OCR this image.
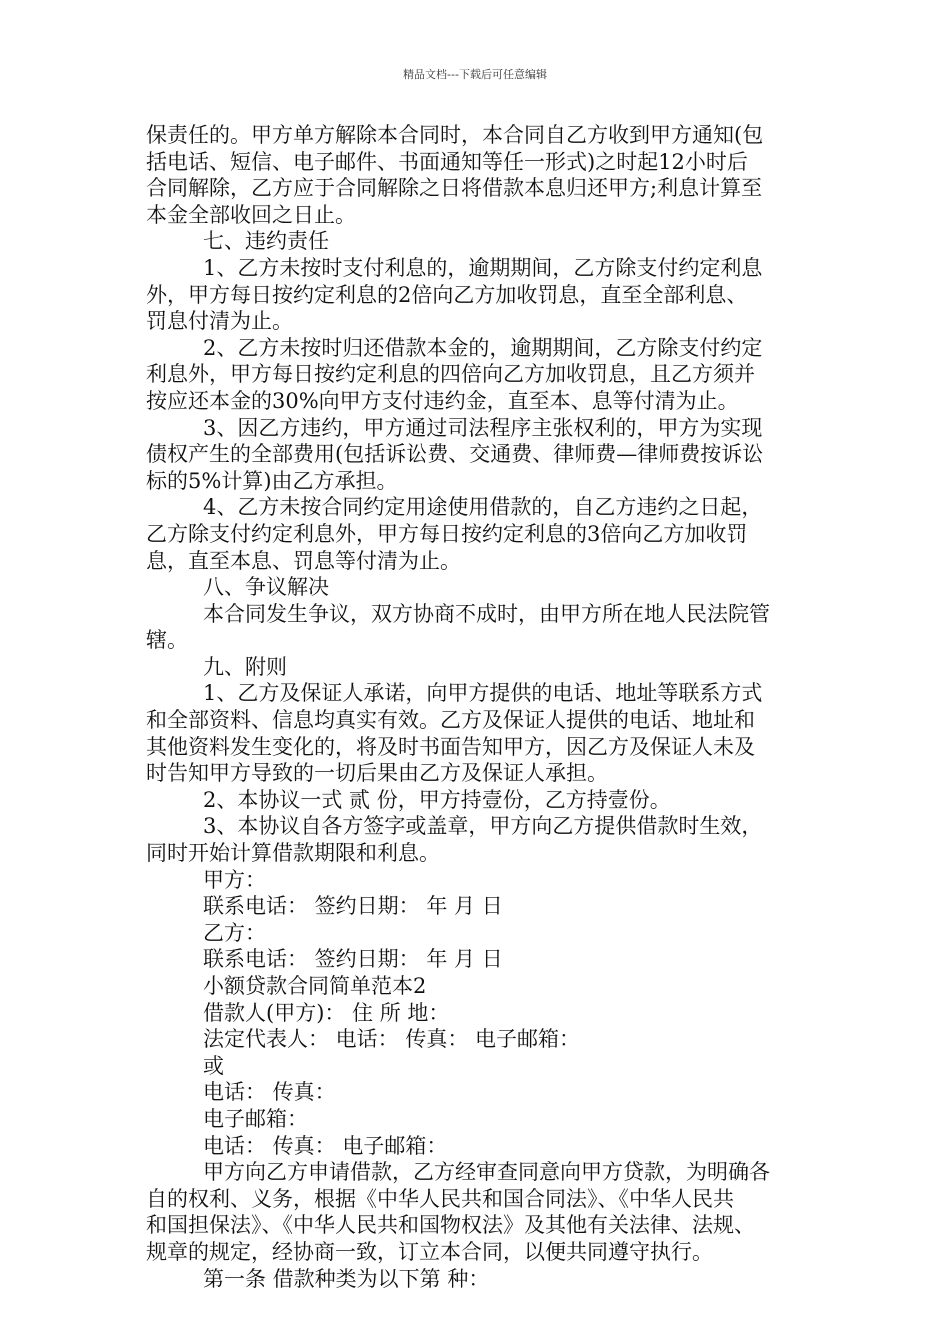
精品文档---下载后可任意编辑
保责任的。甲方单方解除本合同时，本合同自乙方收到甲方通知(包
括电话、短信、电子邮件、书面通知等任一形式)之时起12小时后
合同解除，乙方应于合同解除之日将借款本息归还甲方;利息计算至
本金全部收回之日止。
七、违约责任
1、乙方未按时支付利息的，逾期期间，乙方除支付约定利息
外，甲方每日按约定利息的2倍向乙方加收罚息，直至全部利息、
罚息付清为止。
2、乙方未按时归还借款本金的，逾期期间，乙方除支付约定
利息外，甲方每日按约定利息的四倍向乙方加收罚息，且乙方须并
按应还本金的30%向甲方支付违约金，直至本、息等付清为止。
3、因乙方违约，甲方通过司法程序主张权利的，甲方为实现
债权产生的全部费用(包括诉讼费、交通费、律师费—律师费按诉讼
标的5%计算)由乙方承担。
4、乙方未按合同约定用途使用借款的，自乙方违约之日起，
乙方除支付约定利息外，甲方每日按约定利息的3倍向乙方加收罚
息，直至本息、罚息等付清为止。
八、争议解决
本合同发生争议，双方协商不成时，由甲方所在地人民法院管
辖。
九、附则
1、乙方及保证人承诺，向甲方提供的电话、地址等联系方式
和全部资料、信息均真实有效。乙方及保证人提供的电话、地址和
其他资料发生变化的，将及时书面告知甲方，因乙方及保证人未及
时告知甲方导致的一切后果由乙方及保证人承担。
2、本协议一式 贰 份，甲方持壹份，乙方持壹份。
3、本协议自各方签字或盖章，甲方向乙方提供借款时生效，
同时开始计算借款期限和利息。
甲方：
联系电话： 签约日期： 年 月 日
乙方：
联系电话： 签约日期： 年 月 日
小额贷款合同简单范本2
借款人(甲方)： 住 所 地：
法定代表人： 电话： 传真： 电子邮箱：
或
电话： 传真：
电子邮箱：
电话： 传真： 电子邮箱：
甲方向乙方申请借款，乙方经审查同意向甲方贷款，为明确各
自的权利、义务，根据《中华人民共和国合同法》、《中华人民共
和国担保法》、《中华人民共和国物权法》及其他有关法律、法规、
规章的规定，经协商一致，订立本合同，以便共同遵守执行。
第一条 借款种类为以下第 种：
